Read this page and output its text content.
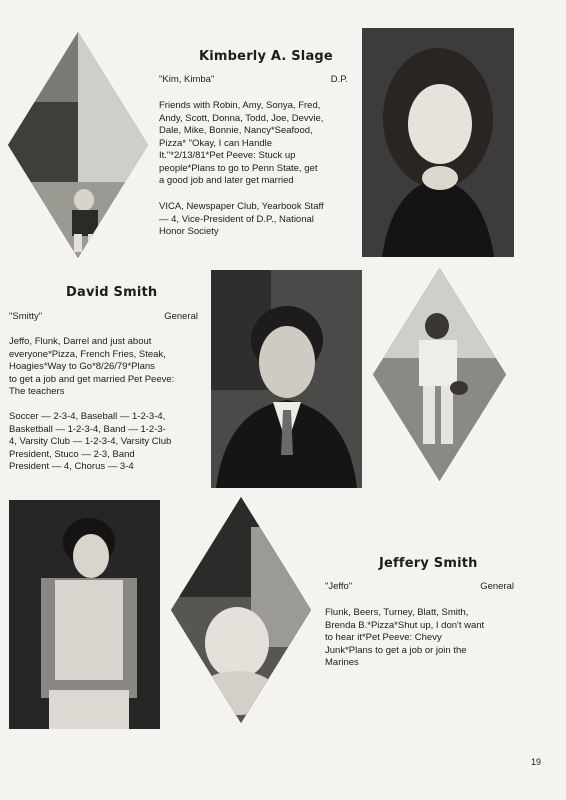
Kimberly A. Slage
"Kim, Kimba"	D.P.
Friends with Robin, Amy, Sonya, Fred,
Andy, Scott, Donna, Todd, Joe, Devvie,
Dale, Mike, Bonnie, Nancy*Seafood,
Pizza* "Okay, I can Handle
It."*2/13/81*Pet Peeve: Stuck up
people*Plans to go to Penn State, get
a good job and later get married
VICA, Newspaper Club, Yearbook Staff
— 4, Vice-President of D.P., National
Honor Society
David Smith
"Smitty"	General
Jeffo, Flunk, Darrel and just about
everyone*Pizza, French Fries, Steak,
Hoagies*Way to Go*8/26/79*Plans
to get a job and get married Pet Peeve:
The teachers
Soccer — 2-3-4, Baseball — 1-2-3-4,
Basketball — 1-2-3-4, Band — 1-2-3-
4, Varsity Club — 1-2-3-4, Varsity Club
President, Stuco — 2-3, Band
President — 4, Chorus — 3-4
Jeffery Smith
"Jeffo"	General
Flunk, Beers, Turney, Blatt, Smith,
Brenda B.*Pizza*Shut up, I don't want
to hear it*Pet Peeve: Chevy
Junk*Plans to get a job or join the
Marines
19
